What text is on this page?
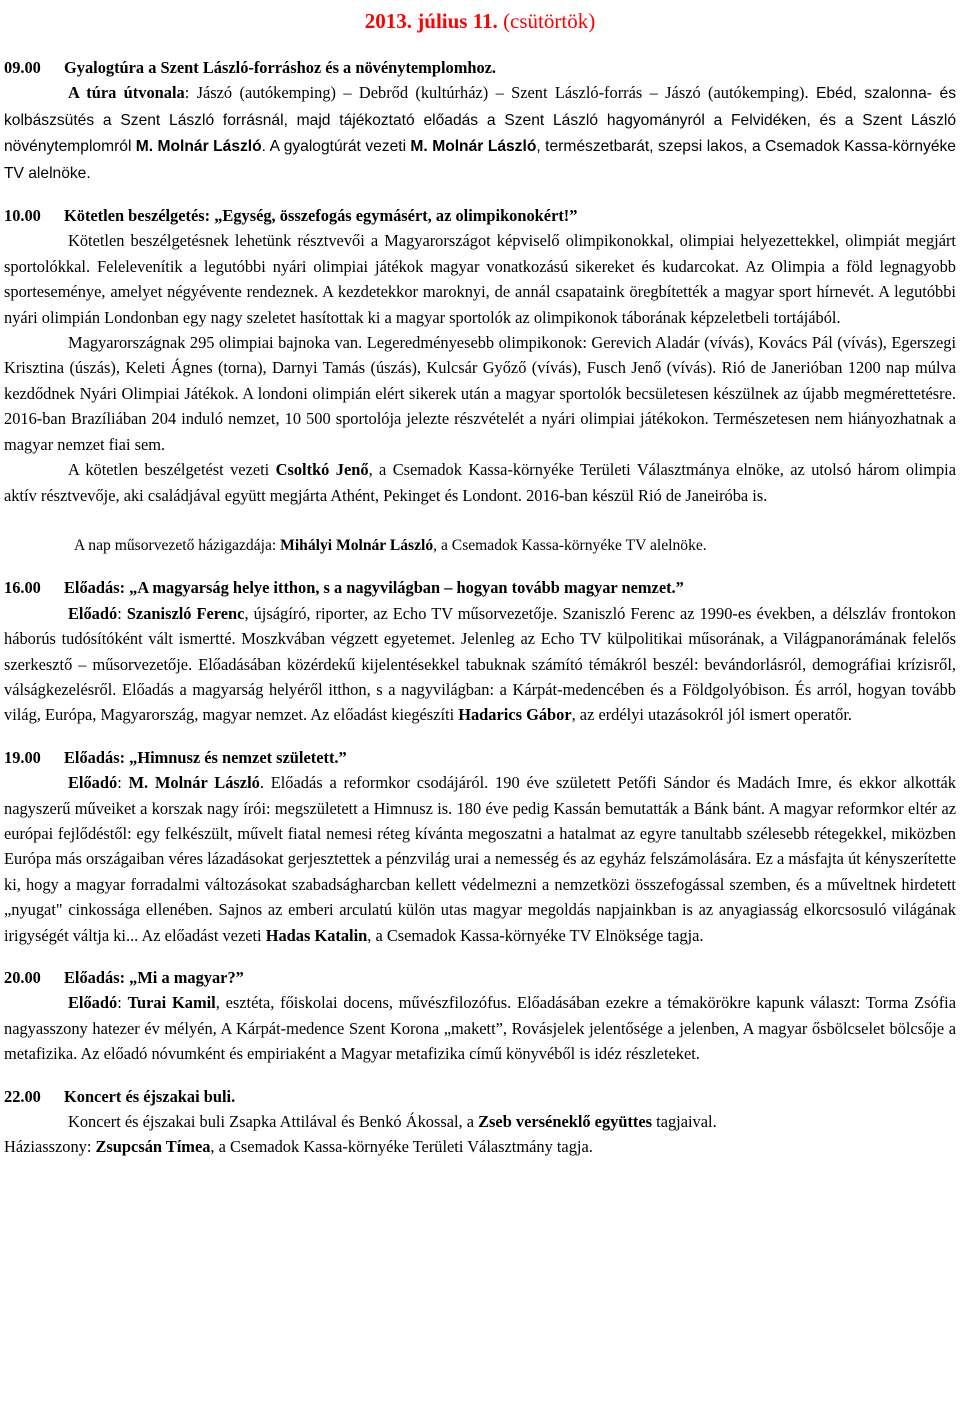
2013. július 11. (csütörtök)
09.00 Gyalogtúra a Szent László-forráshoz és a növénytemplomhoz.

A túra útvonala: Jászó (autókemping) – Debrőd (kultúrház) – Szent László-forrás – Jászó (autókemping). Ebéd, szalonna- és kolbászsütés a Szent László forrásnál, majd tájékoztató előadás a Szent László hagyományról a Felvidéken, és a Szent László növénytemplomról M. Molnár László. A gyalogtúrát vezeti M. Molnár László, természetbarát, szepsi lakos, a Csemadok Kassa-környéke TV alelnöke.

10.00 Kötetlen beszélgetés: „Egység, összefogás egymásért, az olimpikonokért!”

Kötetlen beszélgetésnek lehetünk résztvevői a Magyarországot képviselő olimpikonokkal, olimpiai helyezettekkel, olimpiát megjárt sportolókkal. Felelevenítik a legutóbbi nyári olimpiai játékok magyar vonatkozású sikereket és kudarcokat. Az Olimpia a föld legnagyobb sporteseménye, amelyet négyévente rendeznek. A kezdetekkor maroknyi, de annál csapataink öregbítették a magyar sport hírnevét. A legutóbbi nyári olimpián Londonban egy nagy szeletet hasítottak ki a magyar sportolók az olimpikonok táborának képzeletbeli tortájából.

Magyarországnak 295 olimpiai bajnoka van. Legeredményesebb olimpikonok: Gerevich Aladár (vívás), Kovács Pál (vívás), Egerszegi Krisztina (úszás), Keleti Ágnes (torna), Darnyi Tamás (úszás), Kulcsár Győző (vívás), Fusch Jenő (vívás). Rió de Janerióban 1200 nap múlva kezdődnek Nyári Olimpiai Játékok. A londoni olimpián elért sikerek után a magyar sportolók becsületesen készülnek az újabb megmérettetésre. 2016-ban Brazíliában 204 induló nemzet, 10 500 sportolója jelezte részvételét a nyári olimpiai játékokon. Természetesen nem hiányozhatnak a magyar nemzet fiai sem.

A kötetlen beszélgetést vezeti Csoltkó Jenő, a Csemadok Kassa-környéke Területi Választmánya elnöke, az utolsó három olimpia aktív résztvevője, aki családjával együtt megjárta Athént, Pekinget és Londont. 2016-ban készül Rió de Janeiróba is.

A nap műsorvezető házigazdája: Mihályi Molnár László, a Csemadok Kassa-környéke TV alelnöke.

16.00 Előadás: „A magyarság helye itthon, s a nagyvilágban – hogyan tovább magyar nemzet.”

Előadó: Szaniszló Ferenc, újságíró, riporter, az Echo TV műsorvezetője. Szaniszló Ferenc az 1990-es években, a délszláv frontokon háborús tudósítóként vált ismertté. Moszkvában végzett egyetemet. Jelenleg az Echo TV külpolitikai műsorának, a Világpanorámának felelős szerkesztő – műsorvezetője. Előadásában közérdekű kijelentésekkel tabuknak számító témákról beszél: bevándorlásról, demográfiai krízisről, válságkezelésről. Előadás a magyarság helyéről itthon, s a nagyvilágban: a Kárpát-medencében és a Földgolyóbison. És arról, hogyan tovább világ, Európa, Magyarország, magyar nemzet. Az előadást kiegészíti Hadarics Gábor, az erdélyi utazásokról jól ismert operatőr.

19.00 Előadás: „Himnusz és nemzet született.”

Előadó: M. Molnár László. Előadás a reformkor csodájáról. 190 éve született Petőfi Sándor és Madách Imre, és ekkor alkották nagyszerű műveiket a korszak nagy írói: megszületett a Himnusz is. 180 éve pedig Kassán bemutatták a Bánk bánt. A magyar reformkor eltér az európai fejlődéstől: egy felkészült, művelt fiatal nemesi réteg kívánta megoszatni a hatalmat az egyre tanultabb szélesebb rétegekkel, miközben Európa más országaiban véres lázadásokat gerjesztettek a pénzvilág urai a nemesség és az egyház felszámolására. Ez a másfajta út kényszerítette ki, hogy a magyar forradalmi változásokat szabadságharcban kellett védelmezni a nemzetközi összefogással szemben, és a műveltnek hirdetett „nyugat" cinkossága ellenében. Sajnos az emberi arculatú külön utas magyar megoldás napjainkban is az anyagiasság elkorcsosuló világának irigységét váltja ki... Az előadást vezeti Hadas Katalin, a Csemadok Kassa-környéke TV Elnöksége tagja.

20.00 Előadás: „Mi a magyar?”

Előadó: Turai Kamil, esztéta, főiskolai docens, művészfilozófus. Előadásában ezekre a témakörökre kapunk választ: Torma Zsófia nagyasszony hatezer év mélyén, A Kárpát-medence Szent Korona „makett”, Rovásjelek jelentősége a jelenben, A magyar ősbölcselet bölcsője a metafizika. Az előadó nóvumként és empiriaként a Magyar metafizika című könyvéből is idéz részleteket.

22.00 Koncert és éjszakai buli.

Koncert és éjszakai buli Zsapka Attilával és Benkó Ákossal, a Zseb verséneklő együttes tagjaival.

Háziasszony: Zsupcsán Tímea, a Csemadok Kassa-környéke Területi Választmány tagja.
